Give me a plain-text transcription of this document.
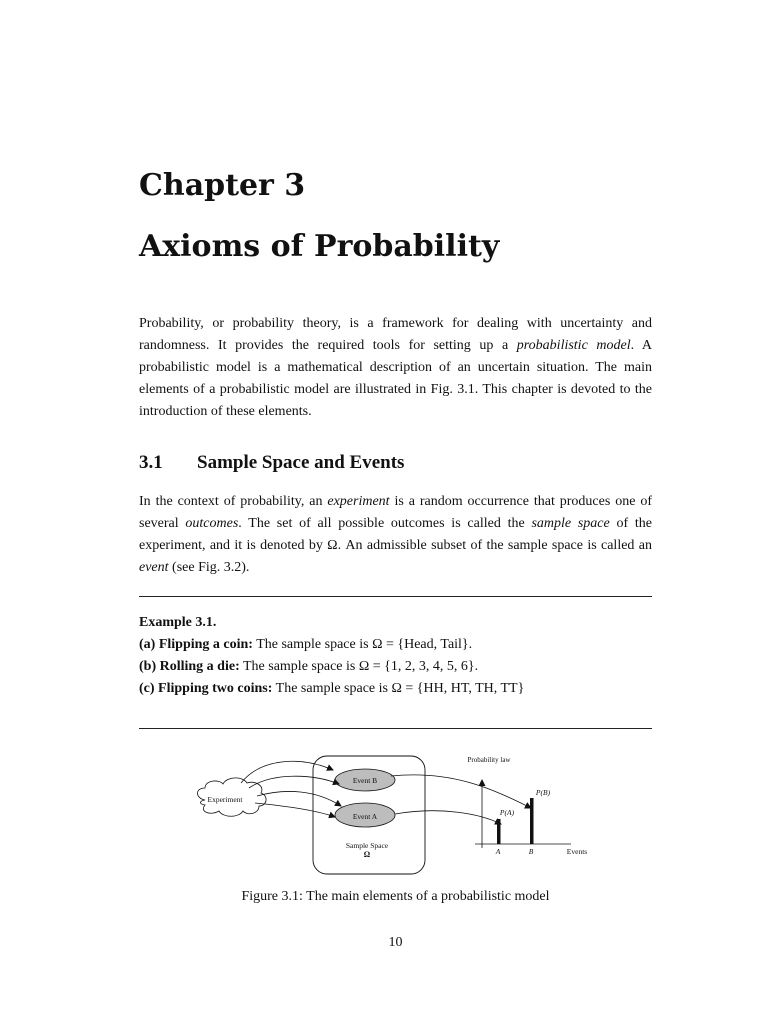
Chapter 3
Axioms of Probability

Probability, or probability theory, is a framework for dealing with uncertainty and randomness. It provides the required tools for setting up a probabilistic model. A probabilistic model is a mathematical description of an uncertain situation. The main elements of a probabilistic model are illustrated in Fig. 3.1. This chapter is devoted to the introduction of these elements.

3.1 Sample Space and Events

In the context of probability, an experiment is a random occurrence that produces one of several outcomes. The set of all possible outcomes is called the sample space of the experiment, and it is denoted by Ω. An admissible subset of the sample space is called an event (see Fig. 3.2).

Example 3.1.
(a) Flipping a coin: The sample space is Ω = {Head, Tail}.
(b) Rolling a die: The sample space is Ω = {1, 2, 3, 4, 5, 6}.
(c) Flipping two coins: The sample space is Ω = {HH, HT, TH, TT}
Experiment
Event B
Event A
Sample Space
Ω
Probability law
P(A)
P(B)
A	B	Events
Figure 3.1: The main elements of a probabilistic model
10
